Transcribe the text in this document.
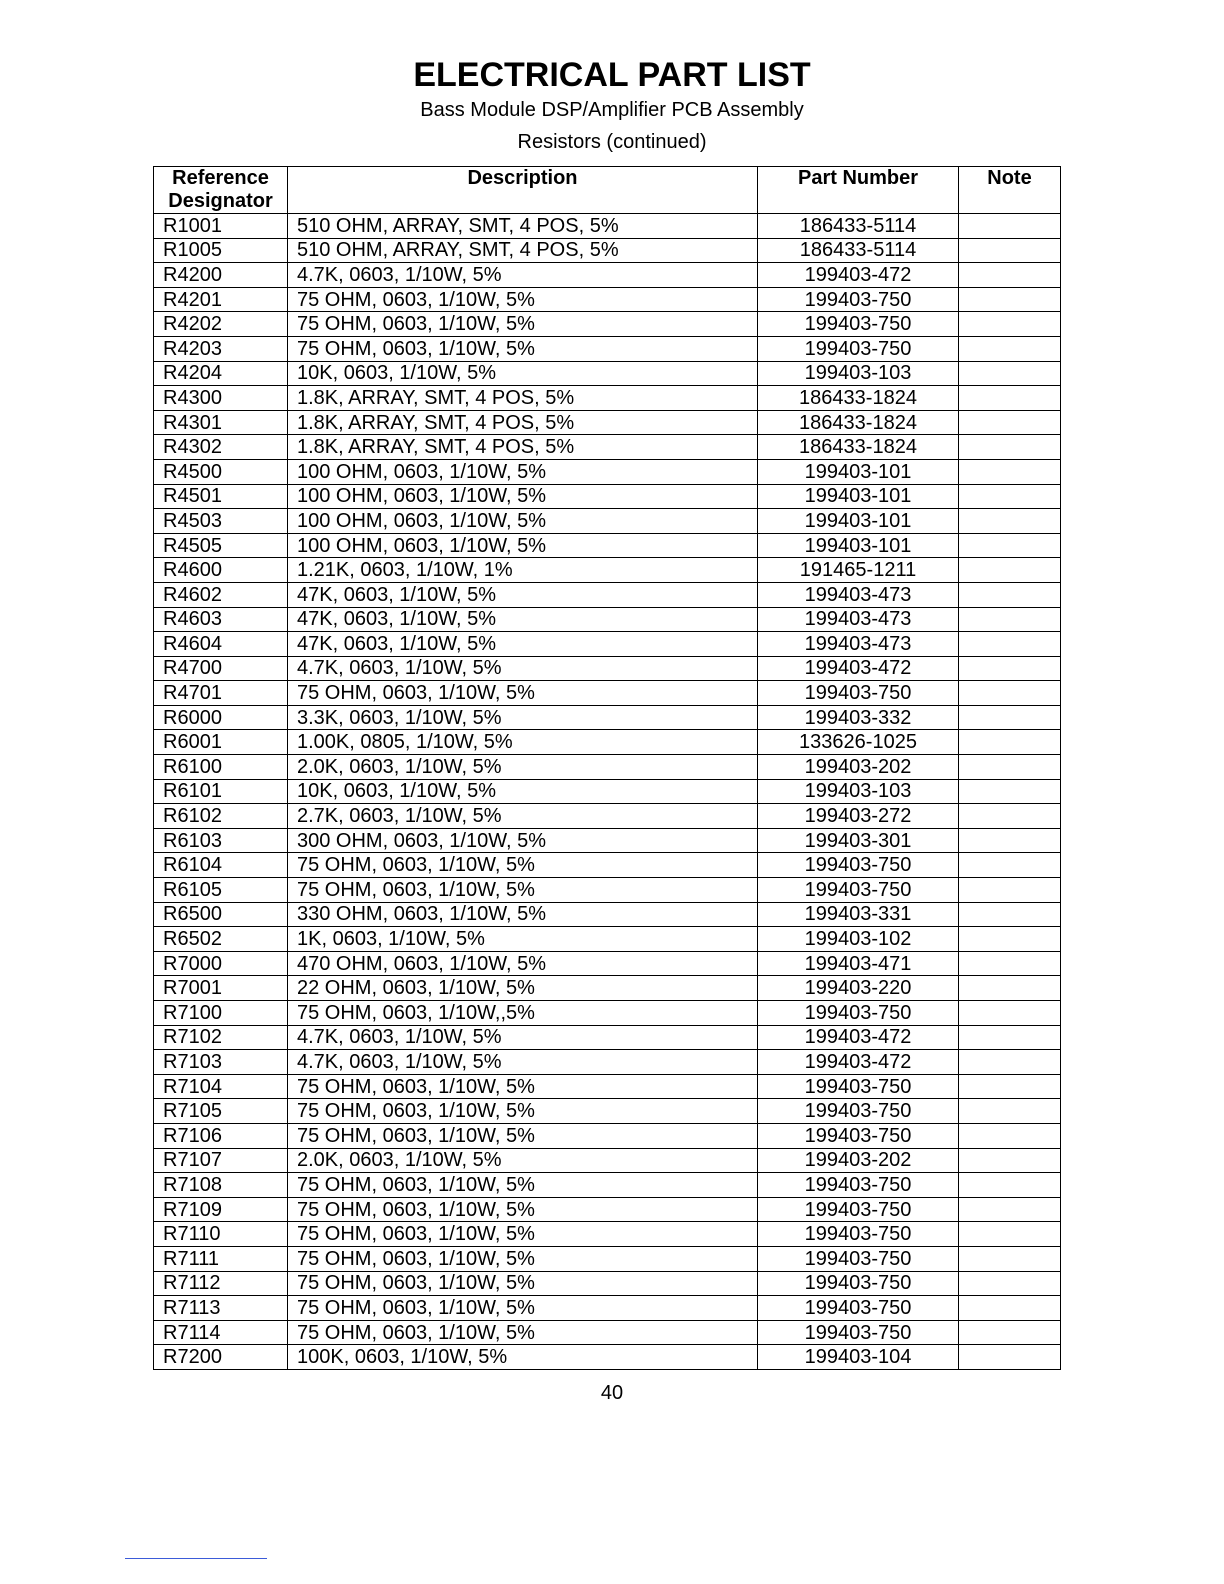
ELECTRICAL PART LIST
Bass Module DSP/Amplifier PCB Assembly
Resistors (continued)
Reference
Designator	Description	Part Number	Note
R1001	510 OHM, ARRAY, SMT, 4 POS, 5%	186433-5114	
R1005	510 OHM, ARRAY, SMT, 4 POS, 5%	186433-5114	
R4200	4.7K, 0603, 1/10W, 5%	199403-472	
R4201	75 OHM, 0603, 1/10W, 5%	199403-750	
R4202	75 OHM, 0603, 1/10W, 5%	199403-750	
R4203	75 OHM, 0603, 1/10W, 5%	199403-750	
R4204	10K, 0603, 1/10W, 5%	199403-103	
R4300	1.8K, ARRAY, SMT, 4 POS, 5%	186433-1824	
R4301	1.8K, ARRAY, SMT, 4 POS, 5%	186433-1824	
R4302	1.8K, ARRAY, SMT, 4 POS, 5%	186433-1824	
R4500	100 OHM, 0603, 1/10W, 5%	199403-101	
R4501	100 OHM, 0603, 1/10W, 5%	199403-101	
R4503	100 OHM, 0603, 1/10W, 5%	199403-101	
R4505	100 OHM, 0603, 1/10W, 5%	199403-101	
R4600	1.21K, 0603, 1/10W, 1%	191465-1211	
R4602	47K, 0603, 1/10W, 5%	199403-473	
R4603	47K, 0603, 1/10W, 5%	199403-473	
R4604	47K, 0603, 1/10W, 5%	199403-473	
R4700	4.7K, 0603, 1/10W, 5%	199403-472	
R4701	75 OHM, 0603, 1/10W, 5%	199403-750	
R6000	3.3K, 0603, 1/10W, 5%	199403-332	
R6001	1.00K, 0805, 1/10W, 5%	133626-1025	
R6100	2.0K, 0603, 1/10W, 5%	199403-202	
R6101	10K, 0603, 1/10W, 5%	199403-103	
R6102	2.7K, 0603, 1/10W, 5%	199403-272	
R6103	300 OHM, 0603, 1/10W, 5%	199403-301	
R6104	75 OHM, 0603, 1/10W, 5%	199403-750	
R6105	75 OHM, 0603, 1/10W, 5%	199403-750	
R6500	330 OHM, 0603, 1/10W, 5%	199403-331	
R6502	1K, 0603, 1/10W, 5%	199403-102	
R7000	470 OHM, 0603, 1/10W, 5%	199403-471	
R7001	22 OHM, 0603, 1/10W, 5%	199403-220	
R7100	75 OHM, 0603, 1/10W,,5%	199403-750	
R7102	4.7K, 0603, 1/10W, 5%	199403-472	
R7103	4.7K, 0603, 1/10W, 5%	199403-472	
R7104	75 OHM, 0603, 1/10W, 5%	199403-750	
R7105	75 OHM, 0603, 1/10W, 5%	199403-750	
R7106	75 OHM, 0603, 1/10W, 5%	199403-750	
R7107	2.0K, 0603, 1/10W, 5%	199403-202	
R7108	75 OHM, 0603, 1/10W, 5%	199403-750	
R7109	75 OHM, 0603, 1/10W, 5%	199403-750	
R7110	75 OHM, 0603, 1/10W, 5%	199403-750	
R7111	75 OHM, 0603, 1/10W, 5%	199403-750	
R7112	75 OHM, 0603, 1/10W, 5%	199403-750	
R7113	75 OHM, 0603, 1/10W, 5%	199403-750	
R7114	75 OHM, 0603, 1/10W, 5%	199403-750	
R7200	100K, 0603, 1/10W, 5%	199403-104	
40
